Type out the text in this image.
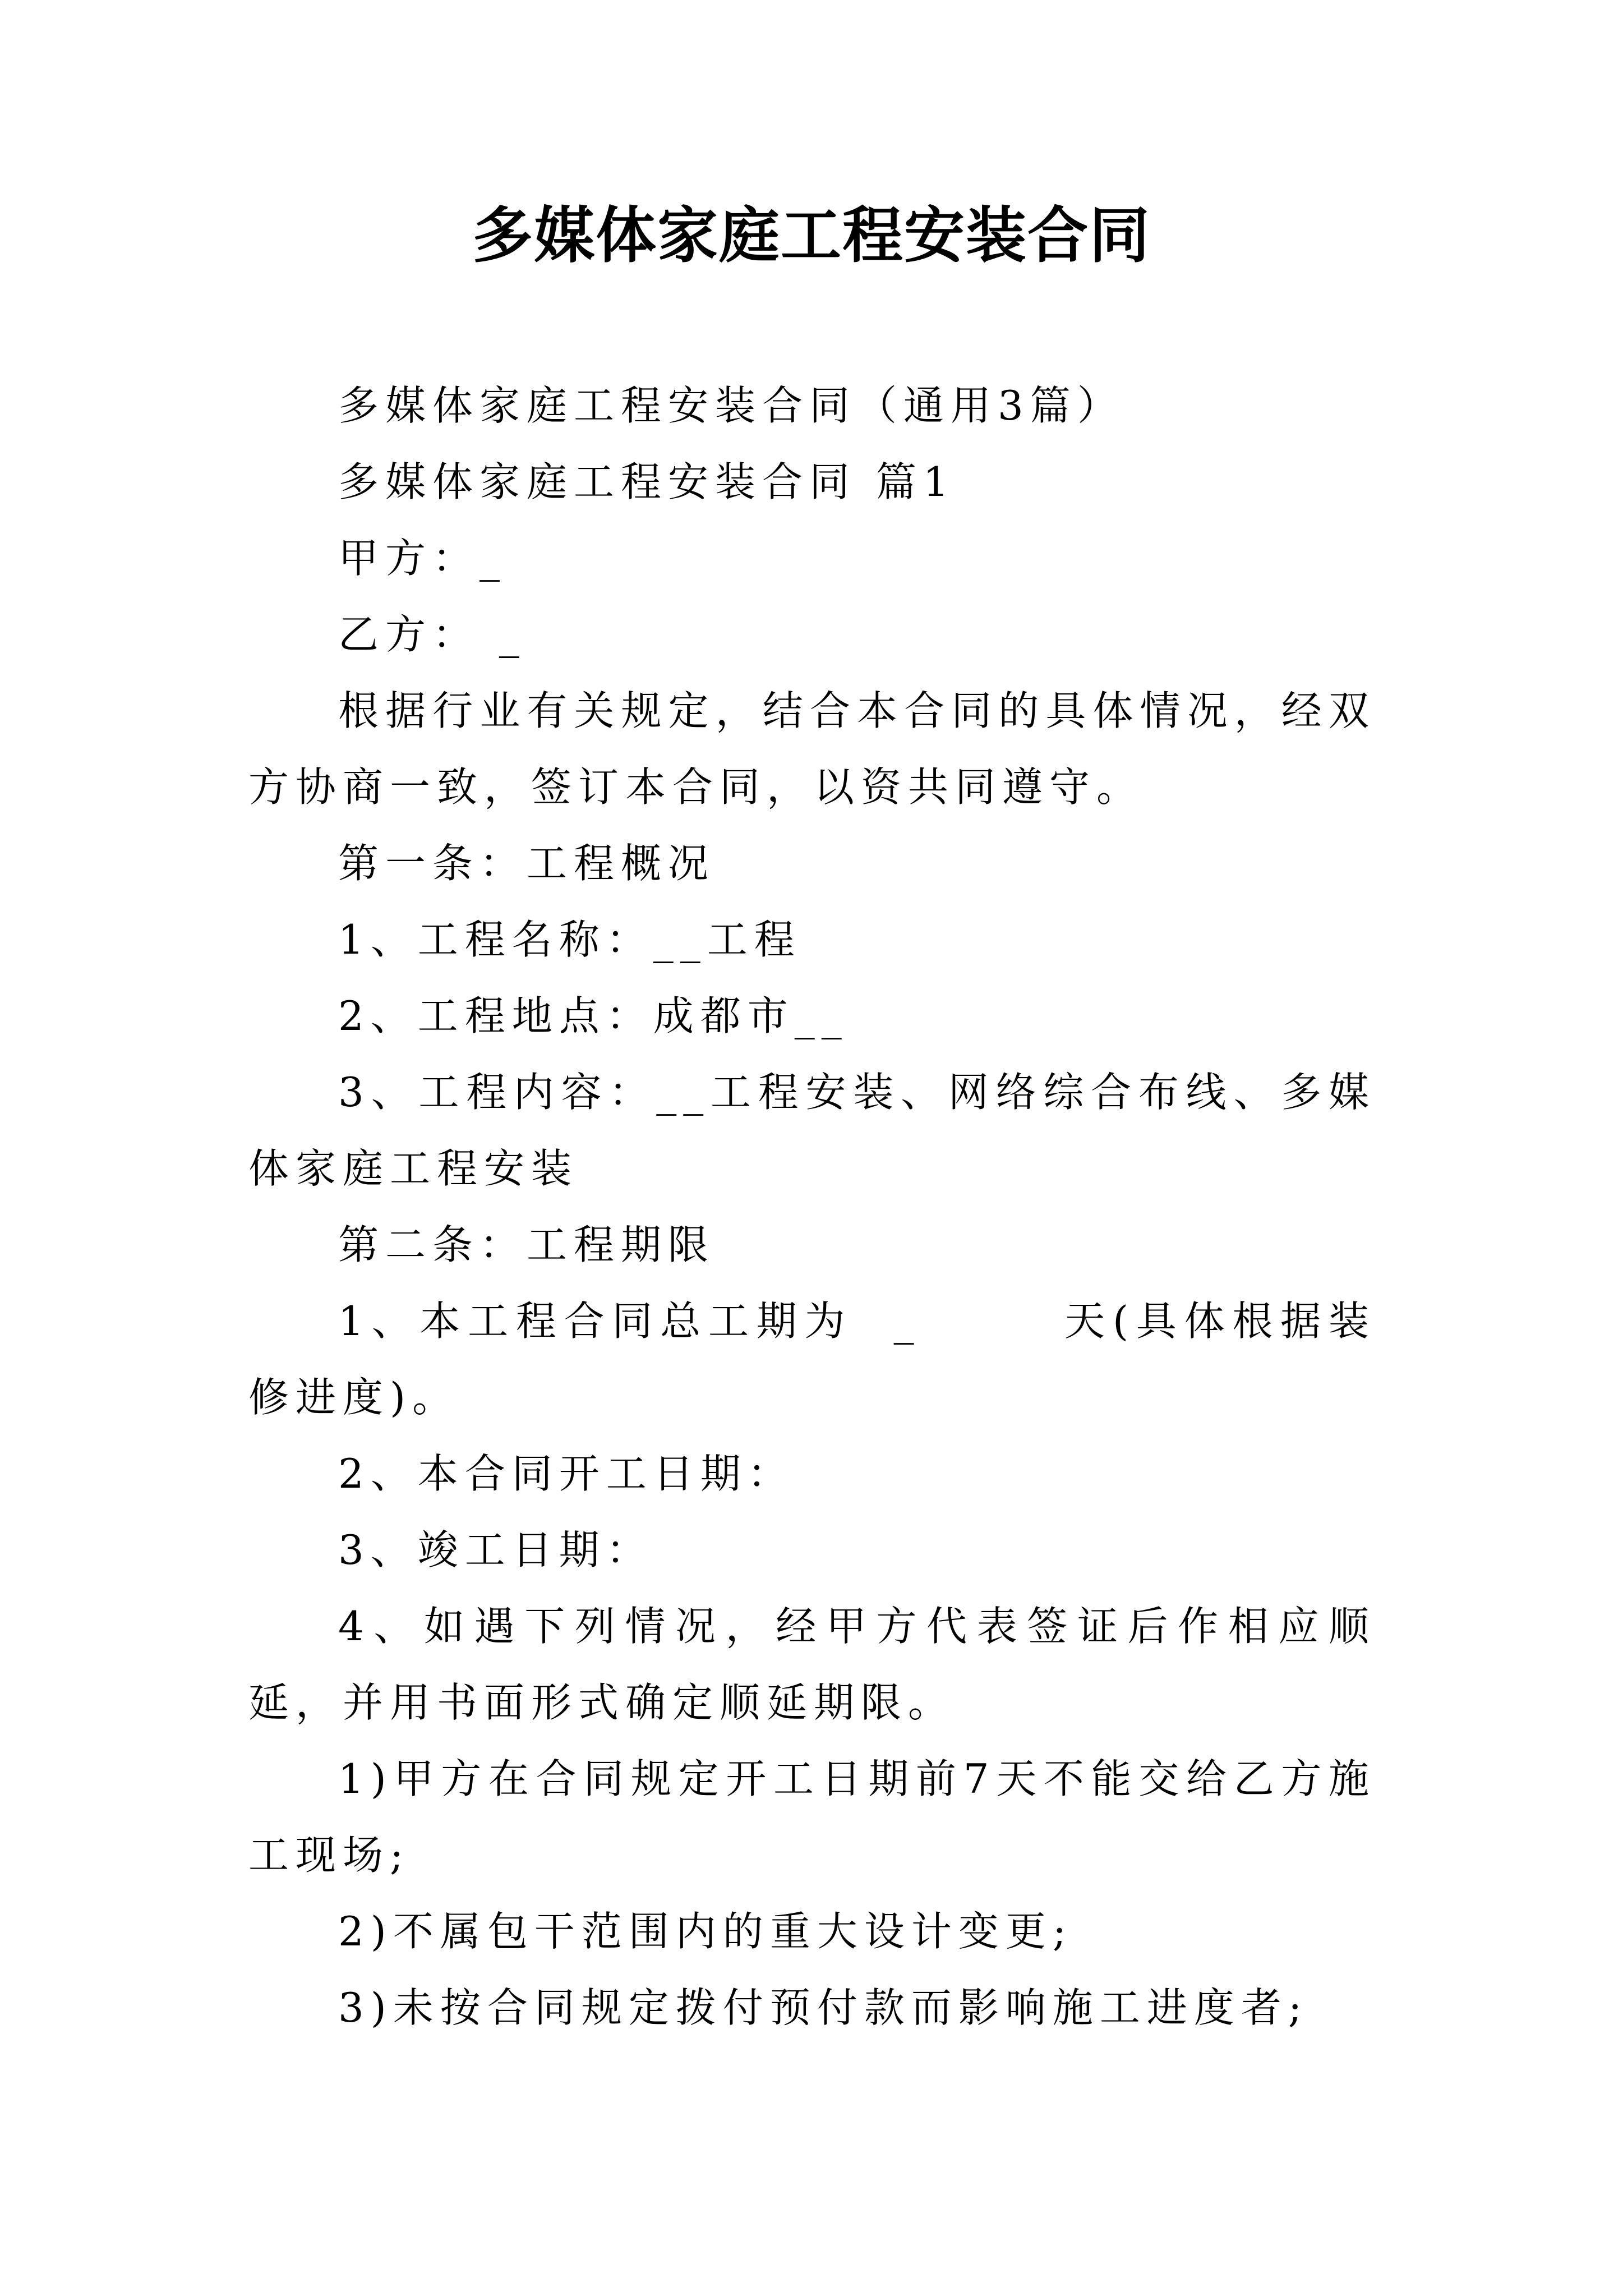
多媒体家庭工程安装合同

多媒体家庭工程安装合同（通用3篇）

多媒体家庭工程安装合同 篇1

甲方：_

乙方： _

根据行业有关规定，结合本合同的具体情况，经双方协商一致，签订本合同，以资共同遵守。

第一条：工程概况

1、工程名称：__工程

2、工程地点：成都市__

3、工程内容：__工程安装、网络综合布线、多媒体家庭工程安装

第二条：工程期限

1、本工程合同总工期为  _       天(具体根据装修进度)。

2、本合同开工日期：

3、竣工日期：

4、如遇下列情况，经甲方代表签证后作相应顺延，并用书面形式确定顺延期限。

1)甲方在合同规定开工日期前7天不能交给乙方施工现场;

2)不属包干范围内的重大设计变更;

3)未按合同规定拨付预付款而影响施工进度者;
